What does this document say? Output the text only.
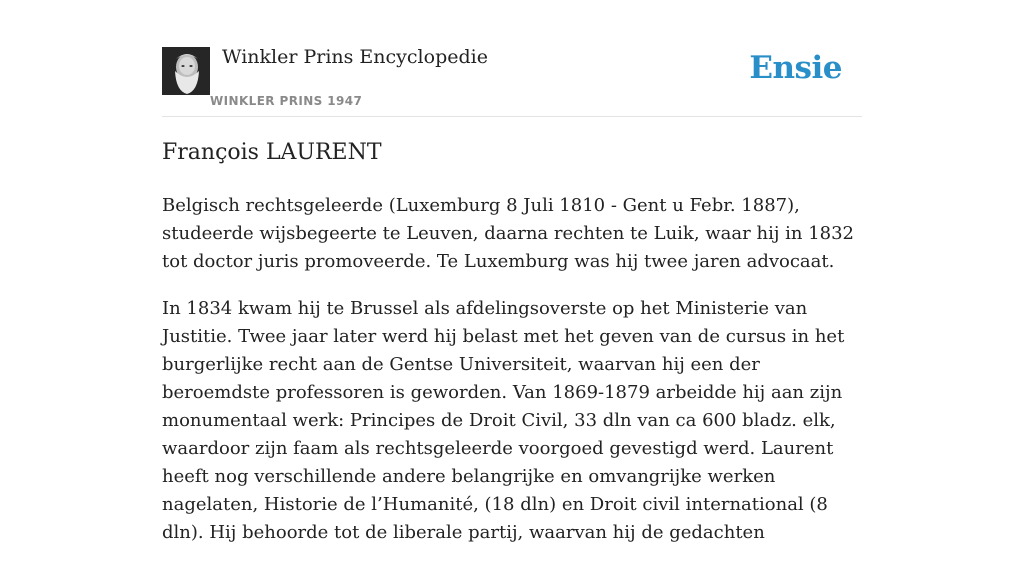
Winkler Prins Encyclopedie
WINKLER PRINS 1947
Ensie
François LAURENT

Belgisch rechtsgeleerde (Luxemburg 8 Juli 1810 - Gent u Febr. 1887), studeerde wijsbegeerte te Leuven, daarna rechten te Luik, waar hij in 1832 tot doctor juris promoveerde. Te Luxemburg was hij twee jaren advocaat.

In 1834 kwam hij te Brussel als afdelingsoverste op het Ministerie van Justitie. Twee jaar later werd hij belast met het geven van de cursus in het burgerlijke recht aan de Gentse Universiteit, waarvan hij een der beroemdste professoren is geworden. Van 1869-1879 arbeidde hij aan zijn monumentaal werk: Principes de Droit Civil, 33 dln van ca 600 bladz. elk, waardoor zijn faam als rechtsgeleerde voorgoed gevestigd werd. Laurent heeft nog verschillende andere belangrijke en omvangrijke werken nagelaten, Historie de l’Humanité, (18 dln) en Droit civil international (8 dln). Hij behoorde tot de liberale partij, waarvan hij de gedachten
